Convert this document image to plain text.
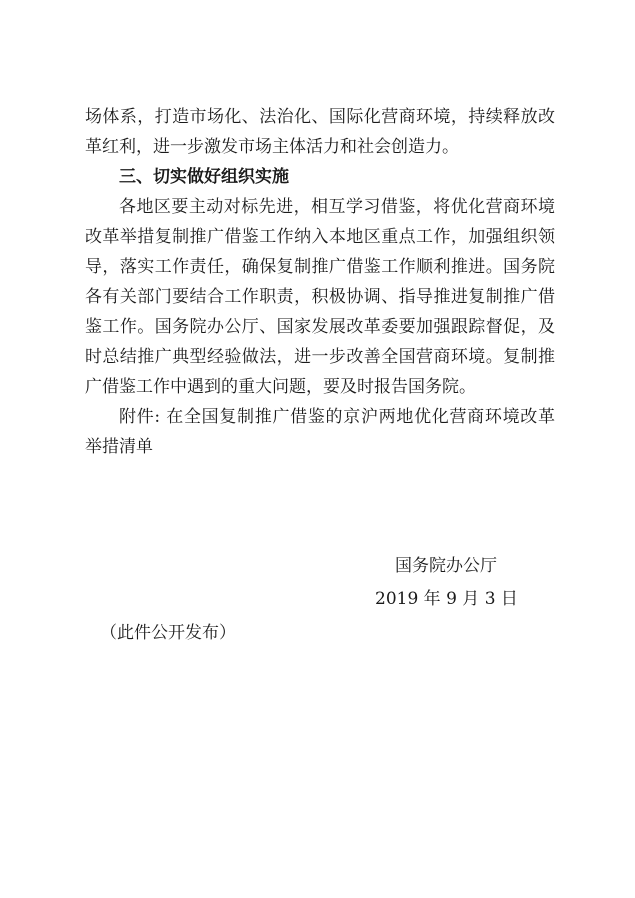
场体系，打造市场化、法治化、国际化营商环境，持续释放改革红利，进一步激发市场主体活力和社会创造力。

三、切实做好组织实施

各地区要主动对标先进，相互学习借鉴，将优化营商环境改革举措复制推广借鉴工作纳入本地区重点工作，加强组织领导，落实工作责任，确保复制推广借鉴工作顺利推进。国务院各有关部门要结合工作职责，积极协调、指导推进复制推广借鉴工作。国务院办公厅、国家发展改革委要加强跟踪督促，及时总结推广典型经验做法，进一步改善全国营商环境。复制推广借鉴工作中遇到的重大问题，要及时报告国务院。

附件: 在全国复制推广借鉴的京沪两地优化营商环境改革举措清单

国务院办公厅

2019 年 9 月 3 日

（此件公开发布）
